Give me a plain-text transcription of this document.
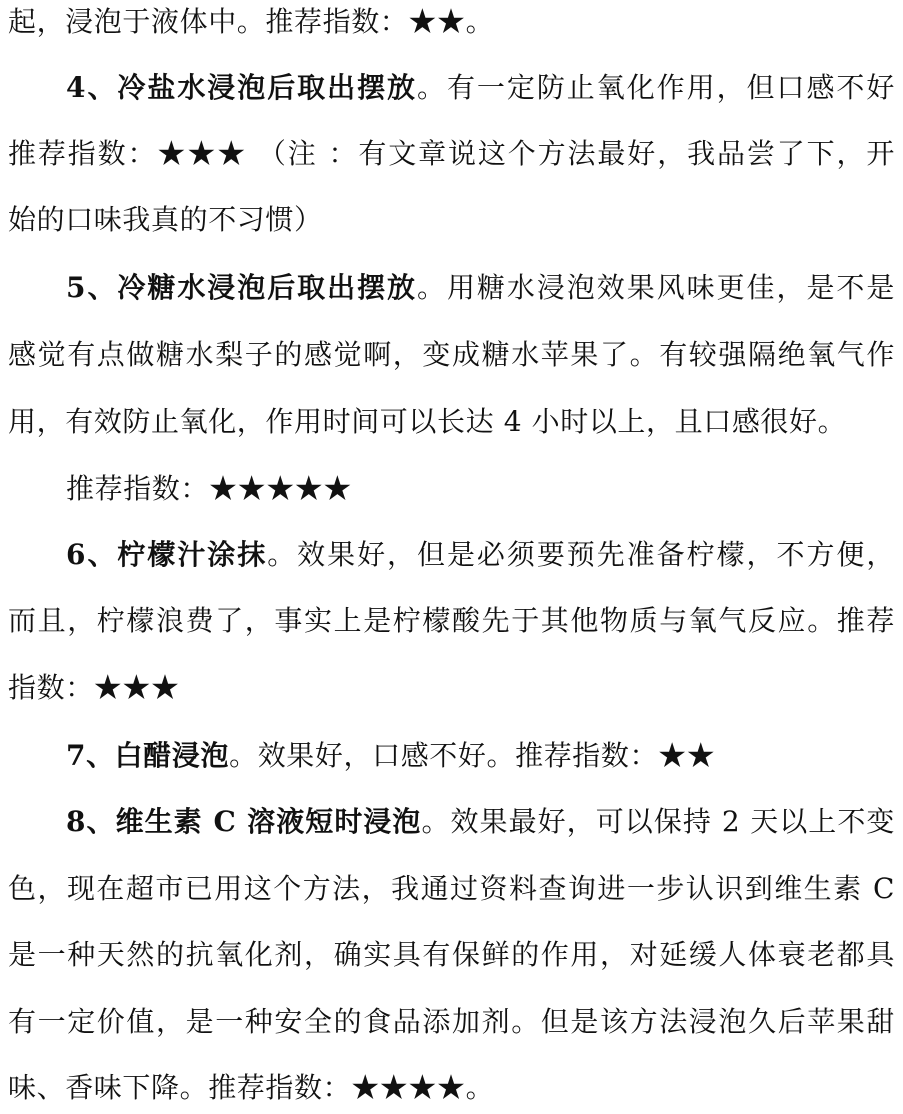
起，浸泡于液体中。推荐指数：★★。
4、冷盐水浸泡后取出摆放。有一定防止氧化作用，但口感不好
推荐指数：★★★ （注 ：有文章说这个方法最好，我品尝了下，开
始的口味我真的不习惯）
5、冷糖水浸泡后取出摆放。用糖水浸泡效果风味更佳，是不是
感觉有点做糖水梨子的感觉啊，变成糖水苹果了。有较强隔绝氧气作
用，有效防止氧化，作用时间可以长达 4 小时以上，且口感很好。
推荐指数：★★★★★
6、柠檬汁涂抹。效果好，但是必须要预先准备柠檬，不方便，
而且，柠檬浪费了，事实上是柠檬酸先于其他物质与氧气反应。推荐
指数：★★★
7、白醋浸泡。效果好，口感不好。推荐指数：★★
8、维生素 C 溶液短时浸泡。效果最好，可以保持 2 天以上不变
色，现在超市已用这个方法，我通过资料查询进一步认识到维生素 C
是一种天然的抗氧化剂，确实具有保鲜的作用，对延缓人体衰老都具
有一定价值，是一种安全的食品添加剂。但是该方法浸泡久后苹果甜
味、香味下降。推荐指数：★★★★。
